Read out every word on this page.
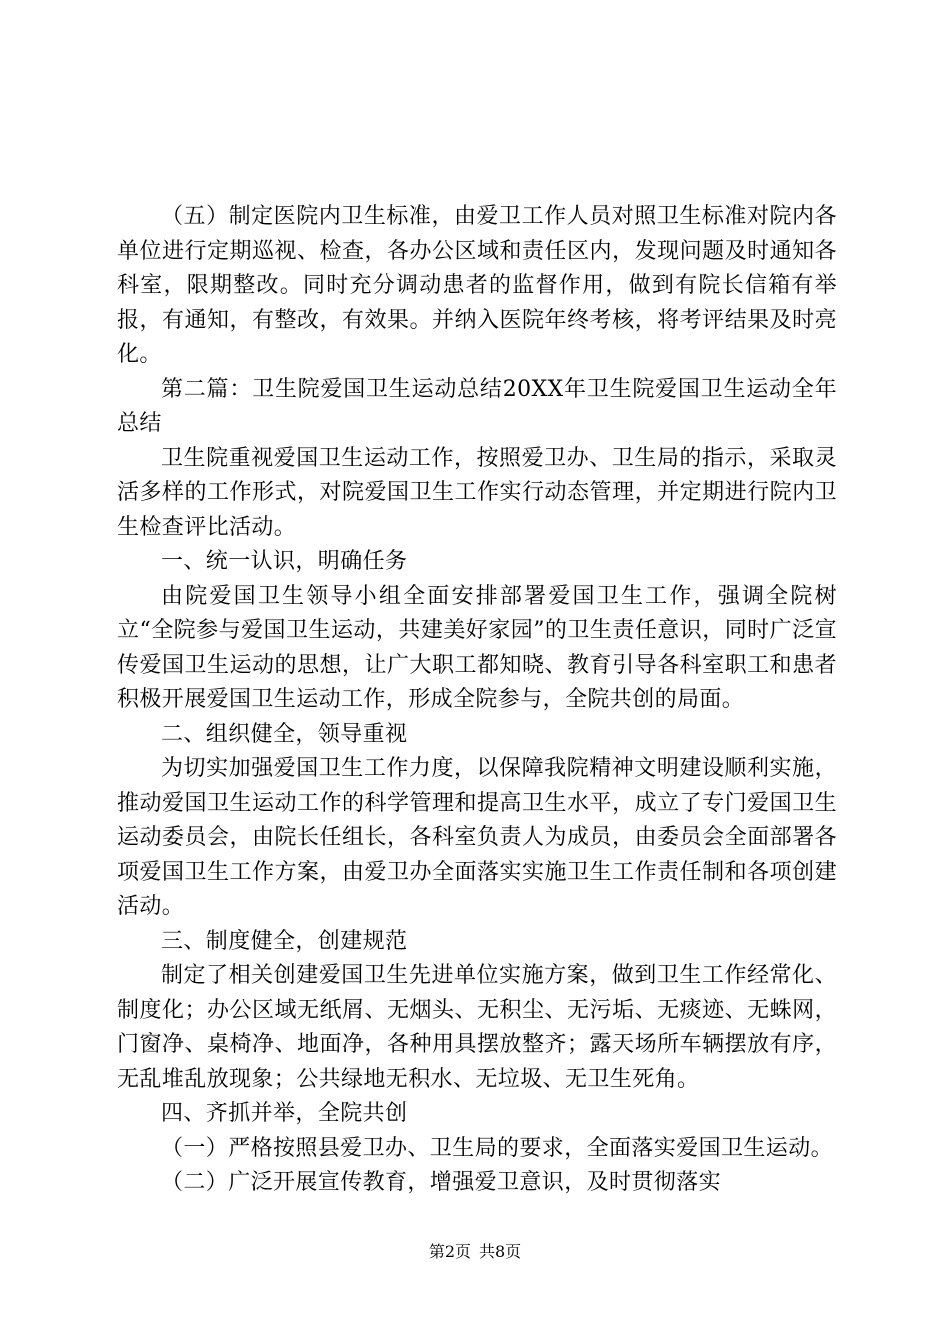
（五）制定医院内卫生标准，由爱卫工作人员对照卫生标准对院内各单位进行定期巡视、检查，各办公区域和责任区内，发现问题及时通知各科室，限期整改。同时充分调动患者的监督作用，做到有院长信箱有举报，有通知，有整改，有效果。并纳入医院年终考核，将考评结果及时亮化。

第二篇：卫生院爱国卫生运动总结20XX年卫生院爱国卫生运动全年总结

卫生院重视爱国卫生运动工作，按照爱卫办、卫生局的指示，采取灵活多样的工作形式，对院爱国卫生工作实行动态管理，并定期进行院内卫生检查评比活动。

一、统一认识，明确任务

由院爱国卫生领导小组全面安排部署爱国卫生工作，强调全院树立“全院参与爱国卫生运动，共建美好家园”的卫生责任意识，同时广泛宣传爱国卫生运动的思想，让广大职工都知晓、教育引导各科室职工和患者积极开展爱国卫生运动工作，形成全院参与，全院共创的局面。

二、组织健全，领导重视

为切实加强爱国卫生工作力度，以保障我院精神文明建设顺利实施，推动爱国卫生运动工作的科学管理和提高卫生水平，成立了专门爱国卫生运动委员会，由院长任组长，各科室负责人为成员，由委员会全面部署各项爱国卫生工作方案，由爱卫办全面落实实施卫生工作责任制和各项创建活动。

三、制度健全，创建规范

制定了相关创建爱国卫生先进单位实施方案，做到卫生工作经常化、制度化；办公区域无纸屑、无烟头、无积尘、无污垢、无痰迹、无蛛网，门窗净、桌椅净、地面净，各种用具摆放整齐；露天场所车辆摆放有序，无乱堆乱放现象；公共绿地无积水、无垃圾、无卫生死角。

四、齐抓并举，全院共创

（一）严格按照县爱卫办、卫生局的要求，全面落实爱国卫生运动。

（二）广泛开展宣传教育，增强爱卫意识，及时贯彻落实

第2页 共8页
